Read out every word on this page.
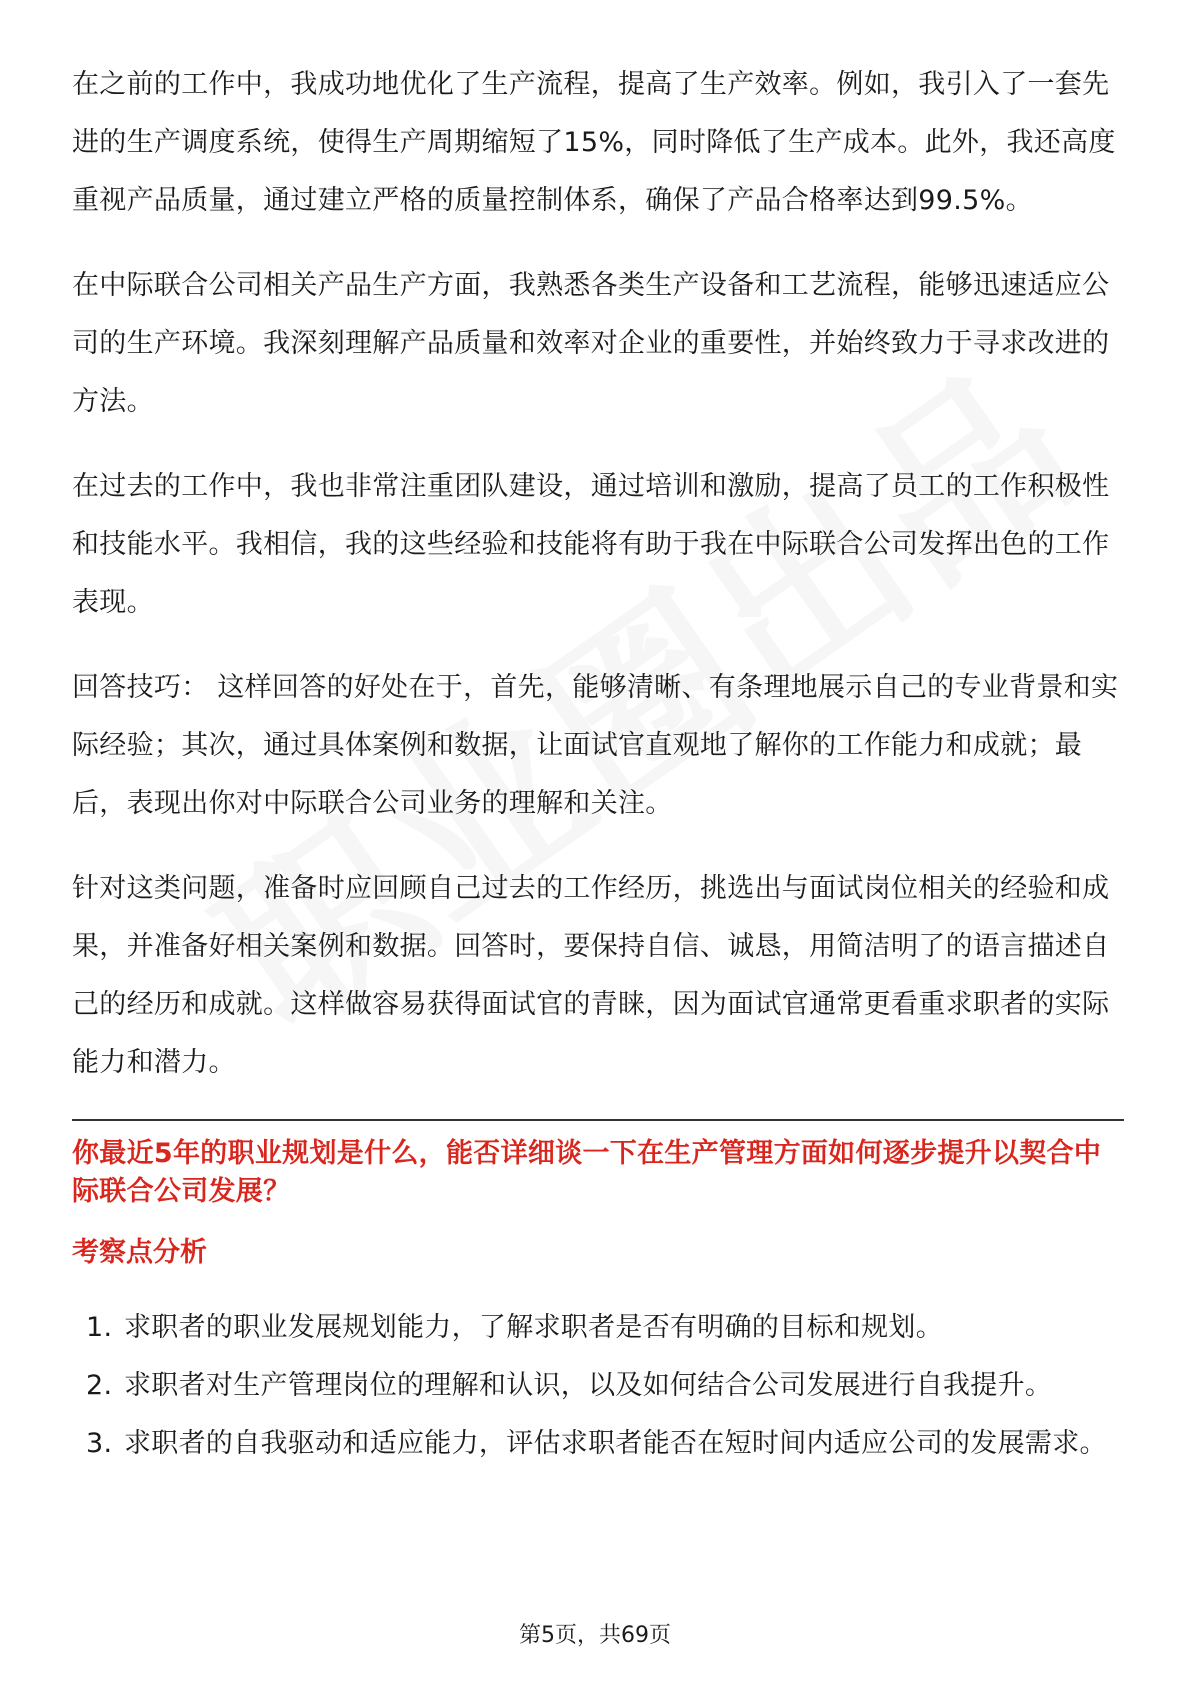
在之前的工作中，我成功地优化了生产流程，提高了生产效率。例如，我引入了一套先进的生产调度系统，使得生产周期缩短了15%，同时降低了生产成本。此外，我还高度重视产品质量，通过建立严格的质量控制体系，确保了产品合格率达到99.5%。

在中际联合公司相关产品生产方面，我熟悉各类生产设备和工艺流程，能够迅速适应公司的生产环境。我深刻理解产品质量和效率对企业的重要性，并始终致力于寻求改进的方法。

在过去的工作中，我也非常注重团队建设，通过培训和激励，提高了员工的工作积极性和技能水平。我相信，我的这些经验和技能将有助于我在中际联合公司发挥出色的工作表现。

回答技巧： 这样回答的好处在于，首先，能够清晰、有条理地展示自己的专业背景和实际经验；其次，通过具体案例和数据，让面试官直观地了解你的工作能力和成就；最后，表现出你对中际联合公司业务的理解和关注。

针对这类问题，准备时应回顾自己过去的工作经历，挑选出与面试岗位相关的经验和成果，并准备好相关案例和数据。回答时，要保持自信、诚恳，用简洁明了的语言描述自己的经历和成就。这样做容易获得面试官的青睐，因为面试官通常更看重求职者的实际能力和潜力。

你最近5年的职业规划是什么，能否详细谈一下在生产管理方面如何逐步提升以契合中际联合公司发展？
考察点分析
1. 求职者的职业发展规划能力，了解求职者是否有明确的目标和规划。
2. 求职者对生产管理岗位的理解和认识，以及如何结合公司发展进行自我提升。
3. 求职者的自我驱动和适应能力，评估求职者能否在短时间内适应公司的发展需求。
第5页，共69页
